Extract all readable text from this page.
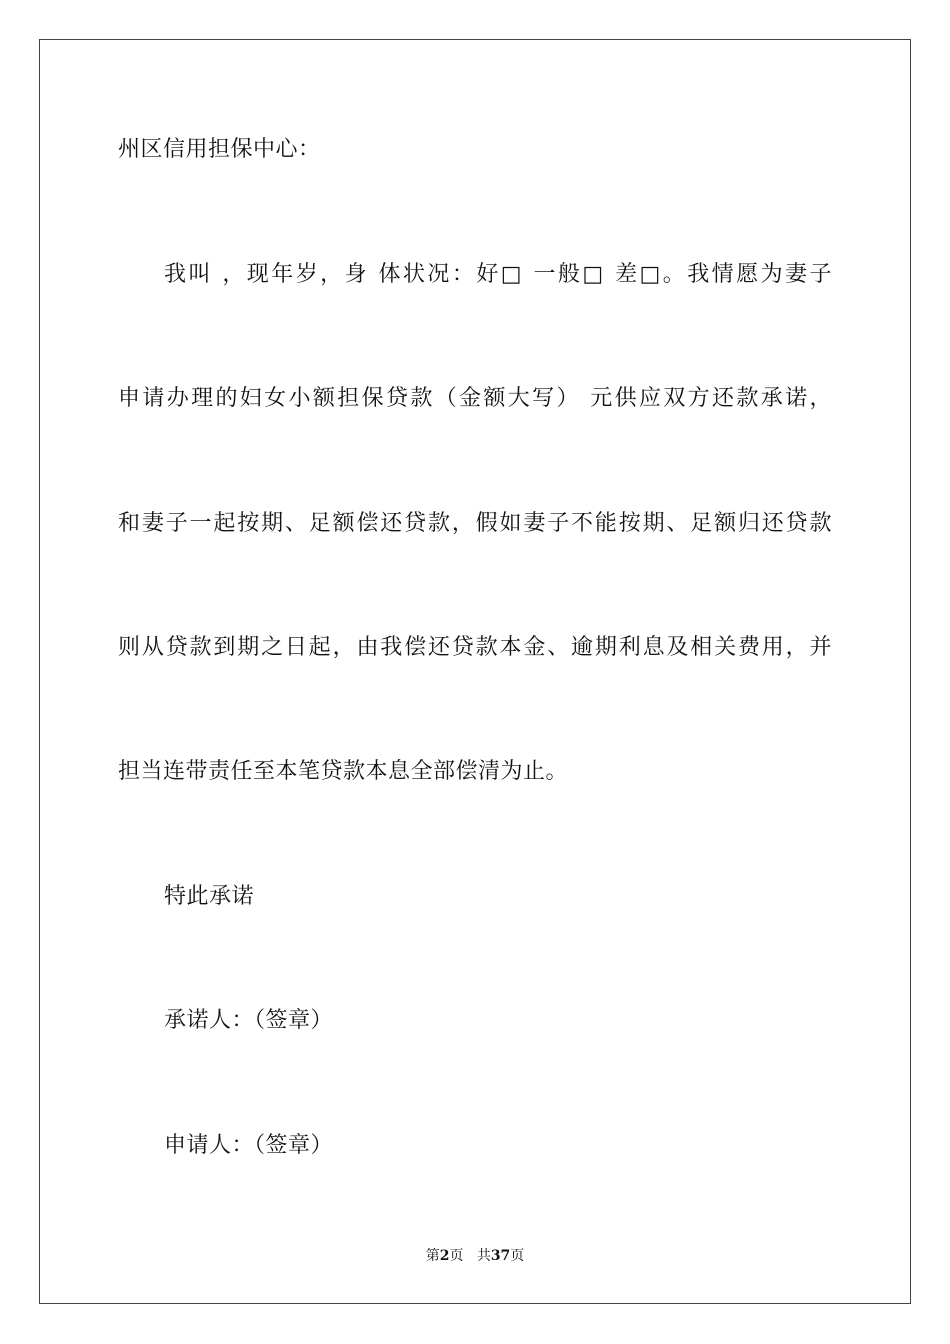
州区信用担保中心：
我叫 ，现年岁，身 体状况：好□ 一般□ 差□。我情愿为妻子
申请办理的妇女小额担保贷款（金额大写） 元供应双方还款承诺，
和妻子一起按期、足额偿还贷款，假如妻子不能按期、足额归还贷款
则从贷款到期之日起，由我偿还贷款本金、逾期利息及相关费用，并
担当连带责任至本笔贷款本息全部偿清为止。
特此承诺
承诺人：（签章）
申请人：（签章）
第2页 共37页
